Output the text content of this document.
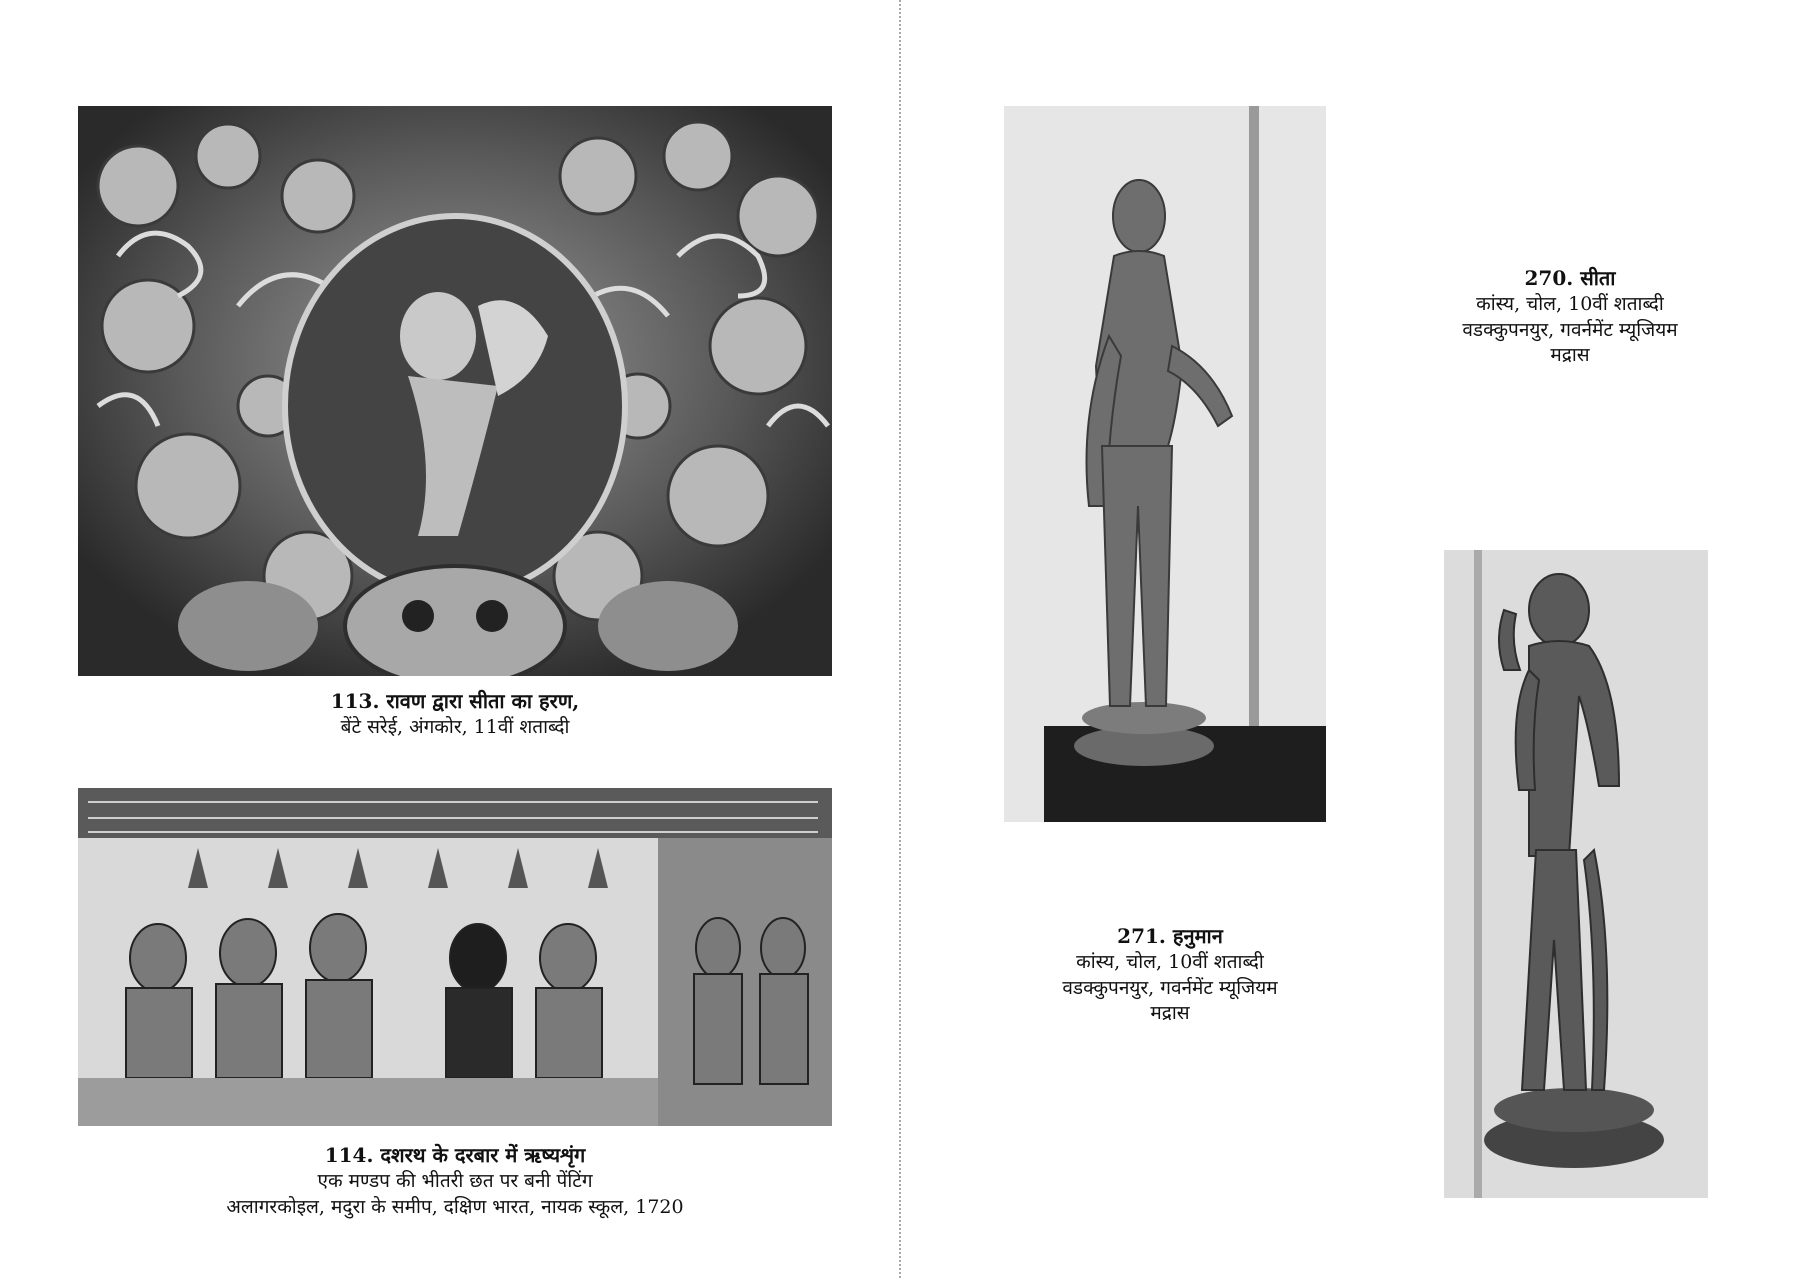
113. रावण द्वारा सीता का हरण,
बेंटे सरेई, अंगकोर, 11वीं शताब्दी
114. दशरथ के दरबार में ऋष्यशृंग
एक मण्डप की भीतरी छत पर बनी पेंटिंग
अलागरकोइल, मदुरा के समीप, दक्षिण भारत, नायक स्कूल, 1720
270. सीता
कांस्य, चोल, 10वीं शताब्दी
वडक्कुपनयुर, गवर्नमेंट म्यूजियम
मद्रास
271. हनुमान
कांस्य, चोल, 10वीं शताब्दी
वडक्कुपनयुर, गवर्नमेंट म्यूजियम
मद्रास
